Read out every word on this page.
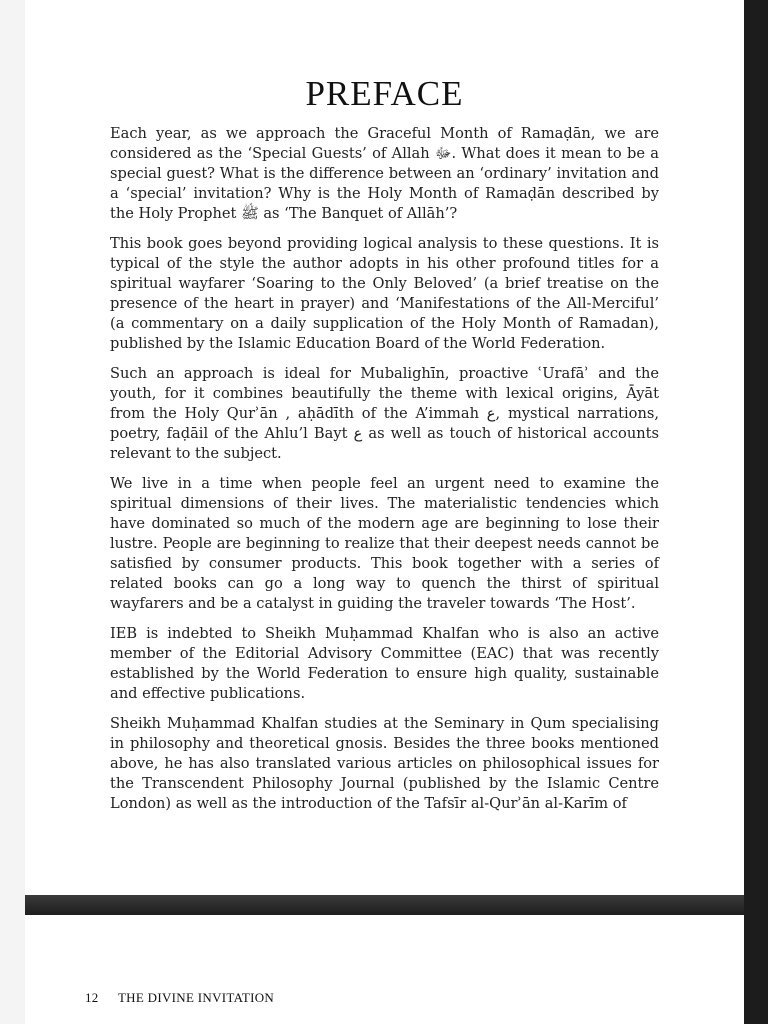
PREFACE

Each year, as we approach the Graceful Month of Ramaḍān, we are considered as the ‘Special Guests’ of Allah ﷻ. What does it mean to be a special guest? What is the difference between an ‘ordinary’ invitation and a ‘special’ invitation? Why is the Holy Month of Ramaḍān described by the Holy Prophet ﷺ as ‘The Banquet of Allāh’?

This book goes beyond providing logical analysis to these questions. It is typical of the style the author adopts in his other profound titles for a spiritual wayfarer ‘Soaring to the Only Beloved’ (a brief treatise on the presence of the heart in prayer) and ‘Manifestations of the All-Merciful’ (a commentary on a daily supplication of the Holy Month of Ramadan), published by the Islamic Education Board of the World Federation.

Such an approach is ideal for Mubalighīn, proactive ʿUrafāʾ and the youth, for it combines beautifully the theme with lexical origins, Āyāt from the Holy Qurʾān , aḥādīth of the A’immah ع, mystical narrations, poetry, faḍāil of the Ahlu’l Bayt ع as well as touch of historical accounts relevant to the subject.

We live in a time when people feel an urgent need to examine the spiritual dimensions of their lives. The materialistic tendencies which have dominated so much of the modern age are beginning to lose their lustre. People are beginning to realize that their deepest needs cannot be satisfied by consumer products. This book together with a series of related books can go a long way to quench the thirst of spiritual wayfarers and be a catalyst in guiding the traveler towards ‘The Host’.

IEB is indebted to Sheikh Muḥammad Khalfan who is also an active member of the Editorial Advisory Committee (EAC) that was recently established by the World Federation to ensure high quality, sustainable and effective publications.

Sheikh Muḥammad Khalfan studies at the Seminary in Qum specialising in philosophy and theoretical gnosis. Besides the three books mentioned above, he has also translated various articles on philosophical issues for the Transcendent Philosophy Journal (published by the Islamic Centre London) as well as the introduction of the Tafsīr al-Qurʾān al-Karīm of

12 THE DIVINE INVITATION
